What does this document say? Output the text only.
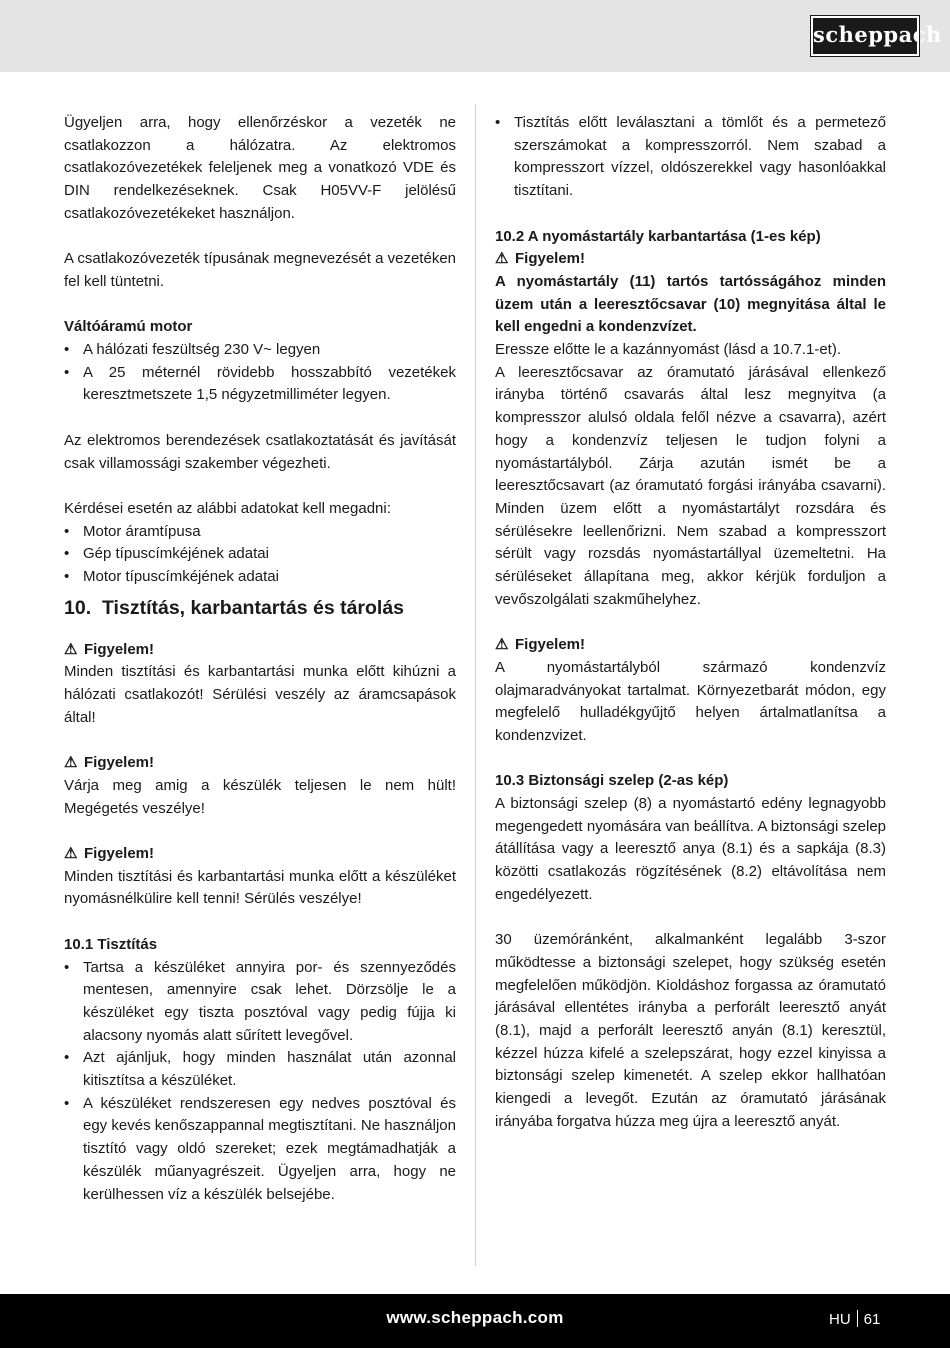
scheppach

Ügyeljen arra, hogy ellenőrzéskor a vezeték ne csatlakozzon a hálózatra. Az elektromos csatlakozóvezetékek feleljenek meg a vonatkozó VDE és DIN rendelkezéseknek. Csak H05VV-F jelölésű csatlakozóvezetékeket használjon.

A csatlakozóvezeték típusának megnevezését a vezetéken fel kell tüntetni.

Váltóáramú motor

• A hálózati feszültség 230 V~ legyen
• A 25 méternél rövidebb hosszabbító vezetékek keresztmetszete 1,5 négyzetmilliméter legyen.

Az elektromos berendezések csatlakoztatását és javítását csak villamossági szakember végezheti.

Kérdései esetén az alábbi adatokat kell megadni:

• Motor áramtípusa
• Gép típuscímkéjének adatai
• Motor típuscímkéjének adatai
10. Tisztítás, karbantartás és tárolás

⚠ Figyelem!

Minden tisztítási és karbantartási munka előtt kihúzni a hálózati csatlakozót! Sérülési veszély az áramcsapások által!

⚠ Figyelem!

Várja meg amig a készülék teljesen le nem hült! Megégetés veszélye!

⚠ Figyelem!

Minden tisztítási és karbantartási munka előtt a készüléket nyomásnélkülire kell tenni! Sérülés veszélye!

10.1 Tisztítás

• Tartsa a készüléket annyira por- és szennyeződés mentesen, amennyire csak lehet. Dörzsölje le a készüléket egy tiszta posztóval vagy pedig fújja ki alacsony nyomás alatt sűrített levegővel.
• Azt ajánljuk, hogy minden használat után azonnal kitisztítsa a készüléket.
• A készüléket rendszeresen egy nedves posztóval és egy kevés kenőszappannal megtisztítani. Ne használjon tisztító vagy oldó szereket; ezek megtámadhatják a készülék műanyagrészeit. Ügyeljen arra, hogy ne kerülhessen víz a készülék belsejébe.
• Tisztítás előtt leválasztani a tömlőt és a permetező szerszámokat a kompresszorról. Nem szabad a kompresszort vízzel, oldószerekkel vagy hasonlóakkal tisztítani.

10.2 A nyomástartály karbantartása (1-es kép)

⚠ Figyelem!

A nyomástartály (11) tartós tartósságához minden üzem után a leeresztőcsavar (10) megnyitása által le kell engedni a kondenzvízet.

Eressze előtte le a kazánnyomást (lásd a 10.7.1-et).

A leeresztőcsavar az óramutató járásával ellenkező irányba történő csavarás által lesz megnyitva (a kompresszor alulsó oldala felől nézve a csavarra), azért hogy a kondenzvíz teljesen le tudjon folyni a nyomástartályból. Zárja azután ismét be a leeresztőcsavart (az óramutató forgási irányába csavarni). Minden üzem előtt a nyomástartályt rozsdára és sérülésekre leellenőrizni. Nem szabad a kompresszort sérült vagy rozsdás nyomástartállyal üzemeltetni. Ha sérüléseket állapítana meg, akkor kérjük forduljon a vevőszolgálati szakműhelyhez.

⚠ Figyelem!

A nyomástartályból származó kondenzvíz olajmaradványokat tartalmat. Környezetbarát módon, egy megfelelő hulladékgyűjtő helyen ártalmatlanítsa a kondenzvizet.

10.3 Biztonsági szelep (2-as kép)

A biztonsági szelep (8) a nyomástartó edény legnagyobb megengedett nyomására van beállítva. A biztonsági szelep átállítása vagy a leeresztő anya (8.1) és a sapkája (8.3) közötti csatlakozás rögzítésének (8.2) eltávolítása nem engedélyezett.

30 üzemóránként, alkalmanként legalább 3-szor működtesse a biztonsági szelepet, hogy szükség esetén megfelelően működjön. Kioldáshoz forgassa az óramutató járásával ellentétes irányba a perforált leeresztő anyát (8.1), majd a perforált leeresztő anyán (8.1) keresztül, kézzel húzza kifelé a szelepszárat, hogy ezzel kinyissa a biztonsági szelep kimenetét. A szelep ekkor hallhatóan kiengedi a levegőt. Ezután az óramutató járásának irányába forgatva húzza meg újra a leeresztő anyát.

www.scheppach.com	HU 61
